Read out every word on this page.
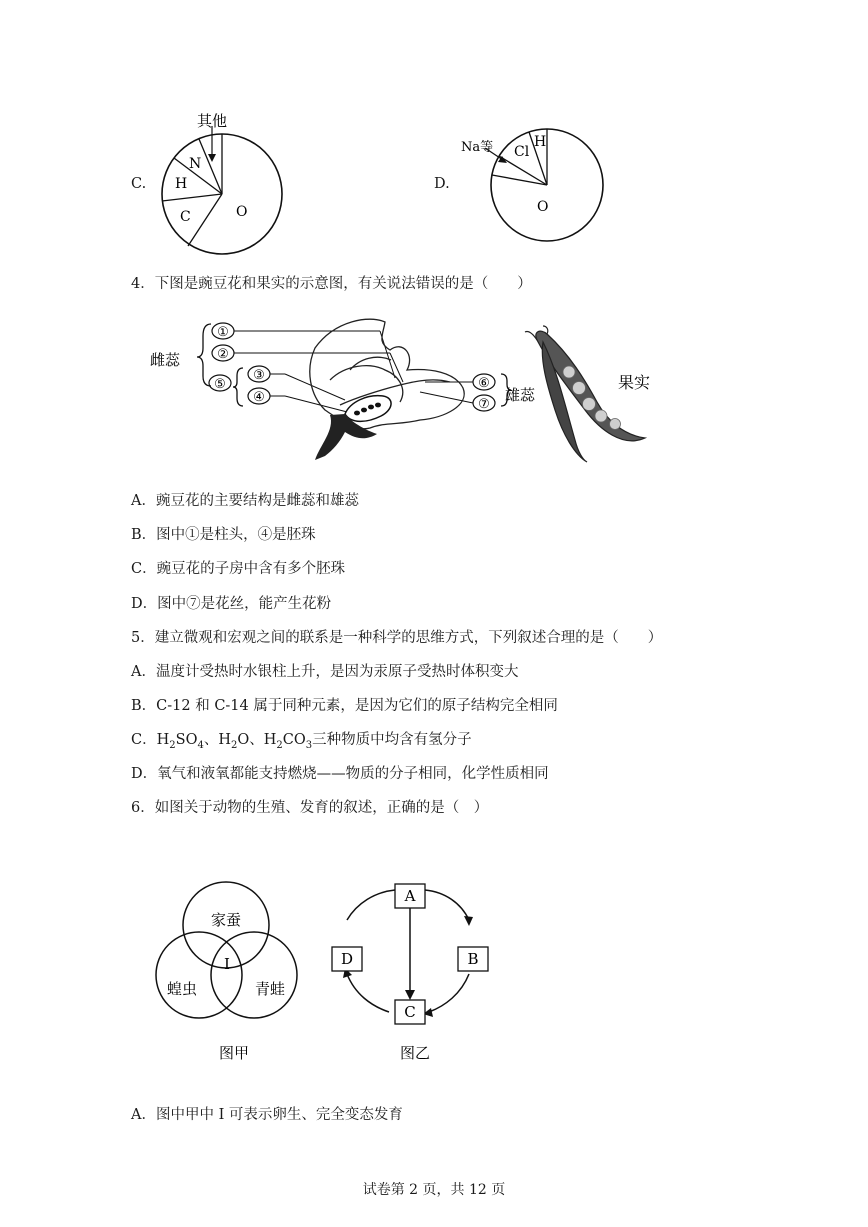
C.
其他
N
H
C	O
D.
Na等 Cl
H
O
4．下图是豌豆花和果实的示意图，有关说法错误的是（　　）
雌蕊
雄蕊
果实
①
②
⑤
③
④
⑥
⑦
A．豌豆花的主要结构是雌蕊和雄蕊
B．图中①是柱头，④是胚珠
C．豌豆花的子房中含有多个胚珠
D．图中⑦是花丝，能产生花粉
5．建立微观和宏观之间的联系是一种科学的思维方式，下列叙述合理的是（　　）
A．温度计受热时水银柱上升，是因为汞原子受热时体积变大
B．C-12 和 C-14 属于同种元素，是因为它们的原子结构完全相同
C．$H_2SO_4$、$H_2O$、$H_2CO_3$三种物质中均含有氢分子
D．氧气和液氧都能支持燃烧——物质的分子相同，化学性质相同
6．如图关于动物的生殖、发育的叙述，正确的是（　）
家蚕
蝗虫	青蛙
图甲
I
A
B
C
D
图乙
A．图中甲中 I 可表示卵生、完全变态发育
试卷第 2 页，共 12 页
